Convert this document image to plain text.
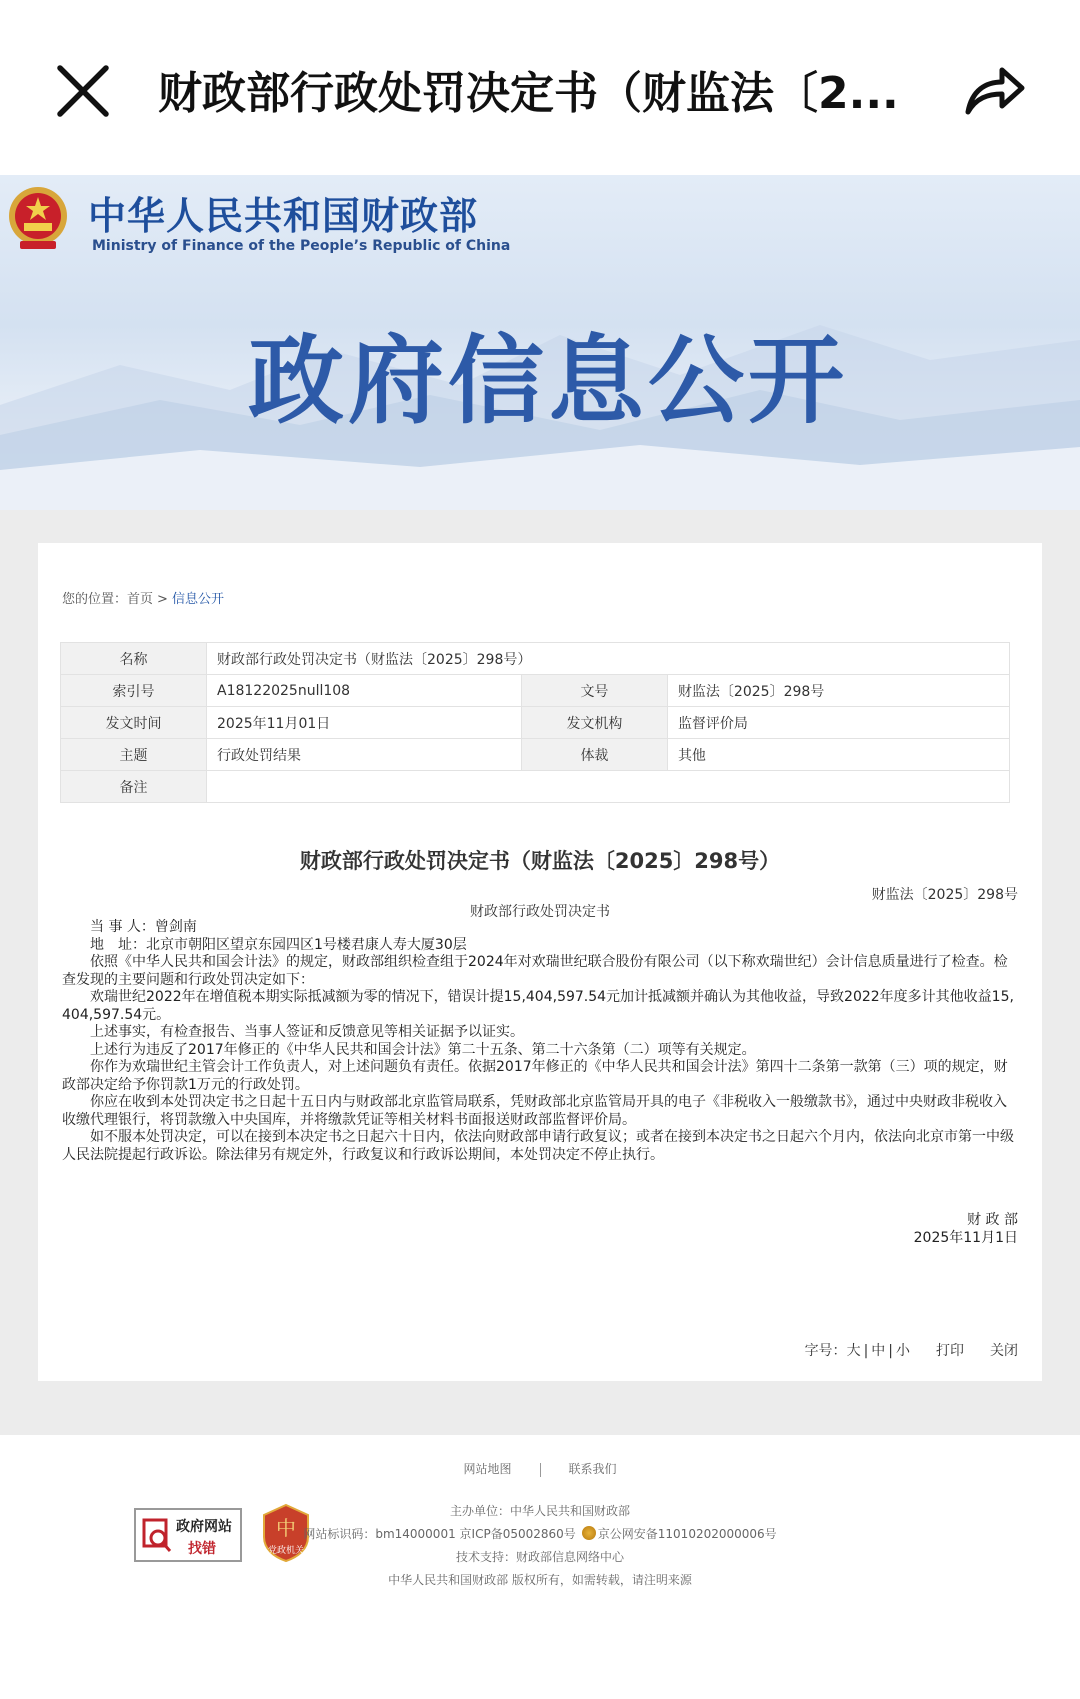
财政部行政处罚决定书（财监法〔2...
中华人民共和国财政部
Ministry of Finance of the People’s Republic of China
政府信息公开
您的位置：首页 > 信息公开
名称	财政部行政处罚决定书（财监法〔2025〕298号）		
索引号	A18122025null108	文号	财监法〔2025〕298号
发文时间	2025年11月01日	发文机构	监督评价局
主题	行政处罚结果	体裁	其他
备注			
财政部行政处罚决定书（财监法〔2025〕298号）
财监法〔2025〕298号
财政部行政处罚决定书

当 事 人：曾剑南

地　址：北京市朝阳区望京东园四区1号楼君康人寿大厦30层

依照《中华人民共和国会计法》的规定，财政部组织检查组于2024年对欢瑞世纪联合股份有限公司（以下称欢瑞世纪）会计信息质量进行了检查。检查发现的主要问题和行政处罚决定如下：

欢瑞世纪2022年在增值税本期实际抵减额为零的情况下，错误计提15,404,597.54元加计抵减额并确认为其他收益，导致2022年度多计其他收益15,404,597.54元。

上述事实，有检查报告、当事人签证和反馈意见等相关证据予以证实。

上述行为违反了2017年修正的《中华人民共和国会计法》第二十五条、第二十六条第（二）项等有关规定。

你作为欢瑞世纪主管会计工作负责人，对上述问题负有责任。依据2017年修正的《中华人民共和国会计法》第四十二条第一款第（三）项的规定，财政部决定给予你罚款1万元的行政处罚。

你应在收到本处罚决定书之日起十五日内与财政部北京监管局联系，凭财政部北京监管局开具的电子《非税收入一般缴款书》，通过中央财政非税收入收缴代理银行，将罚款缴入中央国库，并将缴款凭证等相关材料书面报送财政部监督评价局。

如不服本处罚决定，可以在接到本决定书之日起六十日内，依法向财政部申请行政复议；或者在接到本决定书之日起六个月内，依法向北京市第一中级人民法院提起行政诉讼。除法律另有规定外，行政复议和行政诉讼期间，本处罚决定不停止执行。

财 政 部
2025年11月1日
字号：大 | 中 | 小 打印 关闭
网站地图	联系我们
政府网站
找错
中
党政机关
主办单位：中华人民共和国财政部
网站标识码：bm14000001 京ICP备05002860号 京公网安备11010202000006号
技术支持：财政部信息网络中心
中华人民共和国财政部 版权所有，如需转载，请注明来源
